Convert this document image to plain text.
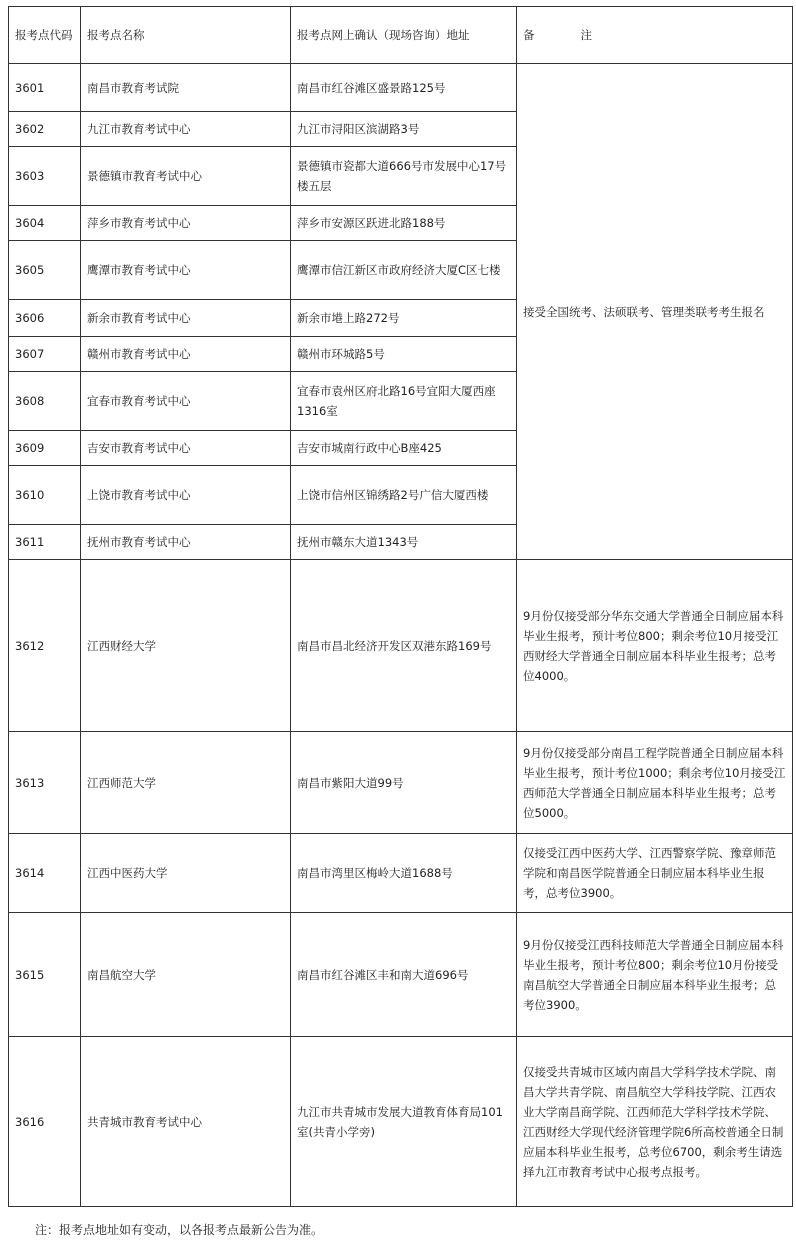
报考点代码	报考点名称	报考点网上确认（现场咨询）地址	备　　　　注
3601	南昌市教育考试院	南昌市红谷滩区盛景路125号	接受全国统考、法硕联考、管理类联考考生报名
3602	九江市教育考试中心	九江市浔阳区滨湖路3号	
3603	景德镇市教育考试中心	景德镇市瓷都大道666号市发展中心17号楼五层	
3604	萍乡市教育考试中心	萍乡市安源区跃进北路188号	
3605	鹰潭市教育考试中心	鹰潭市信江新区市政府经济大厦C区七楼	
3606	新余市教育考试中心	新余市塂上路272号	
3607	赣州市教育考试中心	赣州市环城路5号	
3608	宜春市教育考试中心	宜春市袁州区府北路16号宜阳大厦西座1316室	
3609	吉安市教育考试中心	吉安市城南行政中心B座425	
3610	上饶市教育考试中心	上饶市信州区锦绣路2号广信大厦西楼	
3611	抚州市教育考试中心	抚州市赣东大道1343号	
3612	江西财经大学	南昌市昌北经济开发区双港东路169号	9月份仅接受部分华东交通大学普通全日制应届本科毕业生报考，预计考位800；剩余考位10月接受江西财经大学普通全日制应届本科毕业生报考；总考位4000。
3613	江西师范大学	南昌市紫阳大道99号	9月份仅接受部分南昌工程学院普通全日制应届本科毕业生报考，预计考位1000；剩余考位10月接受江西师范大学普通全日制应届本科毕业生报考；总考位5000。
3614	江西中医药大学	南昌市湾里区梅岭大道1688号	仅接受江西中医药大学、江西警察学院、豫章师范学院和南昌医学院普通全日制应届本科毕业生报考，总考位3900。
3615	南昌航空大学	南昌市红谷滩区丰和南大道696号	9月份仅接受江西科技师范大学普通全日制应届本科毕业生报考，预计考位800；剩余考位10月份接受南昌航空大学普通全日制应届本科毕业生报考；总考位3900。
3616	共青城市教育考试中心	九江市共青城市发展大道教育体育局101室(共青小学旁)	仅接受共青城市区域内南昌大学科学技术学院、南昌大学共青学院、南昌航空大学科技学院、江西农业大学南昌商学院、江西师范大学科学技术学院、江西财经大学现代经济管理学院6所高校普通全日制应届本科毕业生报考，总考位6700，剩余考生请选择九江市教育考试中心报考点报考。
注：报考点地址如有变动，以各报考点最新公告为准。
